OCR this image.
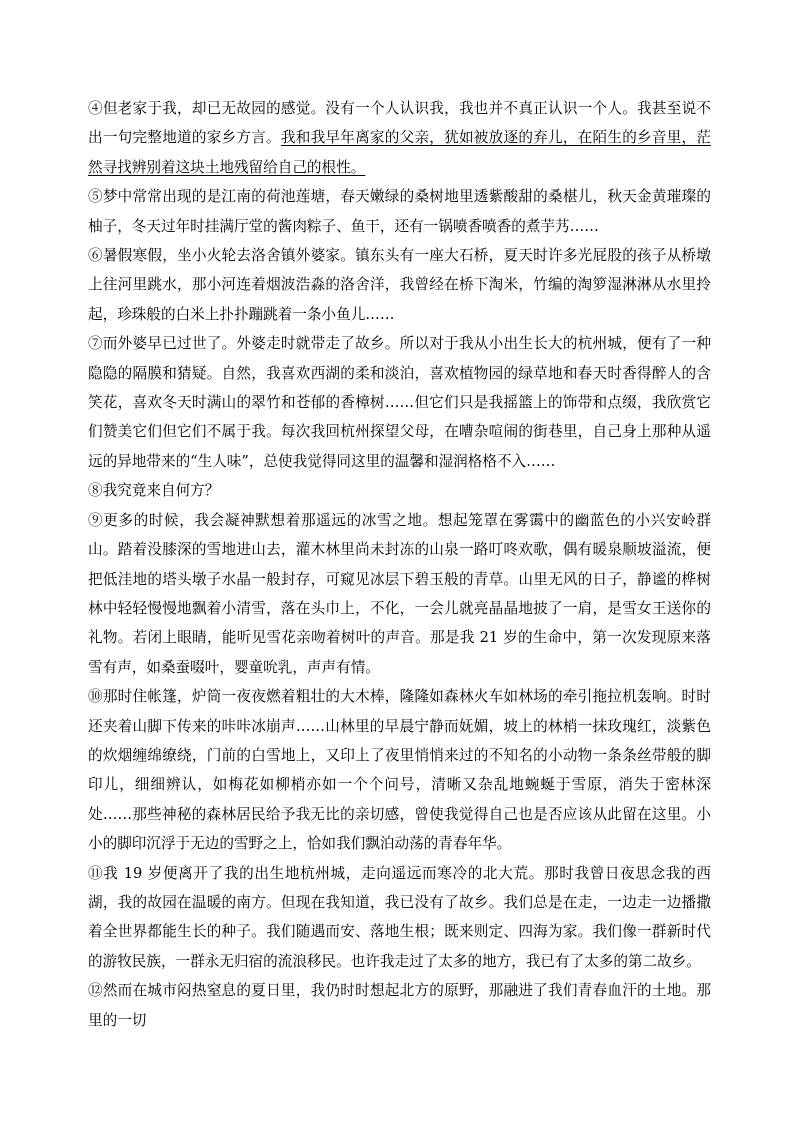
④但老家于我，却已无故园的感觉。没有一个人认识我，我也并不真正认识一个人。我甚至说不出一句完整地道的家乡方言。我和我早年离家的父亲，犹如被放逐的弃儿，在陌生的乡音里，茫然寻找辨别着这块土地残留给自己的根性。

⑤梦中常常出现的是江南的荷池莲塘，春天嫩绿的桑树地里透紫酸甜的桑椹儿，秋天金黄璀璨的柚子，冬天过年时挂满厅堂的酱肉粽子、鱼干，还有一锅喷香喷香的煮芋艿……

⑥暑假寒假，坐小火轮去洛舍镇外婆家。镇东头有一座大石桥，夏天时许多光屁股的孩子从桥墩上往河里跳水，那小河连着烟波浩淼的洛舍洋，我曾经在桥下淘米，竹编的淘箩湿淋淋从水里拎起，珍珠般的白米上扑扑蹦跳着一条小鱼儿……

⑦而外婆早已过世了。外婆走时就带走了故乡。所以对于我从小出生长大的杭州城，便有了一种隐隐的隔膜和猜疑。自然，我喜欢西湖的柔和淡泊，喜欢植物园的绿草地和春天时香得醉人的含笑花，喜欢冬天时满山的翠竹和苍郁的香樟树……但它们只是我摇篮上的饰带和点缀，我欣赏它们赞美它们但它们不属于我。每次我回杭州探望父母，在嘈杂喧闹的街巷里，自己身上那种从遥远的异地带来的“生人味”，总使我觉得同这里的温馨和湿润格格不入……

⑧我究竟来自何方？

⑨更多的时候，我会凝神默想着那遥远的冰雪之地。想起笼罩在雾霭中的幽蓝色的小兴安岭群山。踏着没膝深的雪地进山去，灌木林里尚未封冻的山泉一路叮咚欢歌，偶有暖泉顺坡溢流，便把低洼地的塔头墩子水晶一般封存，可窥见冰层下碧玉般的青草。山里无风的日子，静谧的桦树林中轻轻慢慢地飘着小清雪，落在头巾上，不化，一会儿就亮晶晶地披了一肩，是雪女王送你的礼物。若闭上眼睛，能听见雪花亲吻着树叶的声音。那是我 21 岁的生命中，第一次发现原来落雪有声，如桑蚕啜叶，婴童吮乳，声声有情。

⑩那时住帐篷，炉筒一夜夜燃着粗壮的大木棒，隆隆如森林火车如林场的牵引拖拉机轰响。时时还夹着山脚下传来的咔咔冰崩声……山林里的早晨宁静而妩媚，坡上的林梢一抹玫瑰红，淡紫色的炊烟缠绵缭绕，门前的白雪地上，又印上了夜里悄悄来过的不知名的小动物一条条丝带般的脚印儿，细细辨认，如梅花如柳梢亦如一个个问号，清晰又杂乱地蜿蜒于雪原，消失于密林深处……那些神秘的森林居民给予我无比的亲切感，曾使我觉得自己也是否应该从此留在这里。小小的脚印沉浮于无边的雪野之上，恰如我们飘泊动荡的青春年华。

⑪我 19 岁便离开了我的出生地杭州城，走向遥远而寒冷的北大荒。那时我曾日夜思念我的西湖，我的故园在温暖的南方。但现在我知道，我已没有了故乡。我们总是在走，一边走一边播撒着全世界都能生长的种子。我们随遇而安、落地生根；既来则定、四海为家。我们像一群新时代的游牧民族，一群永无归宿的流浪移民。也许我走过了太多的地方，我已有了太多的第二故乡。

⑫然而在城市闷热窒息的夏日里，我仍时时想起北方的原野，那融进了我们青春血汗的土地。那里的一切
